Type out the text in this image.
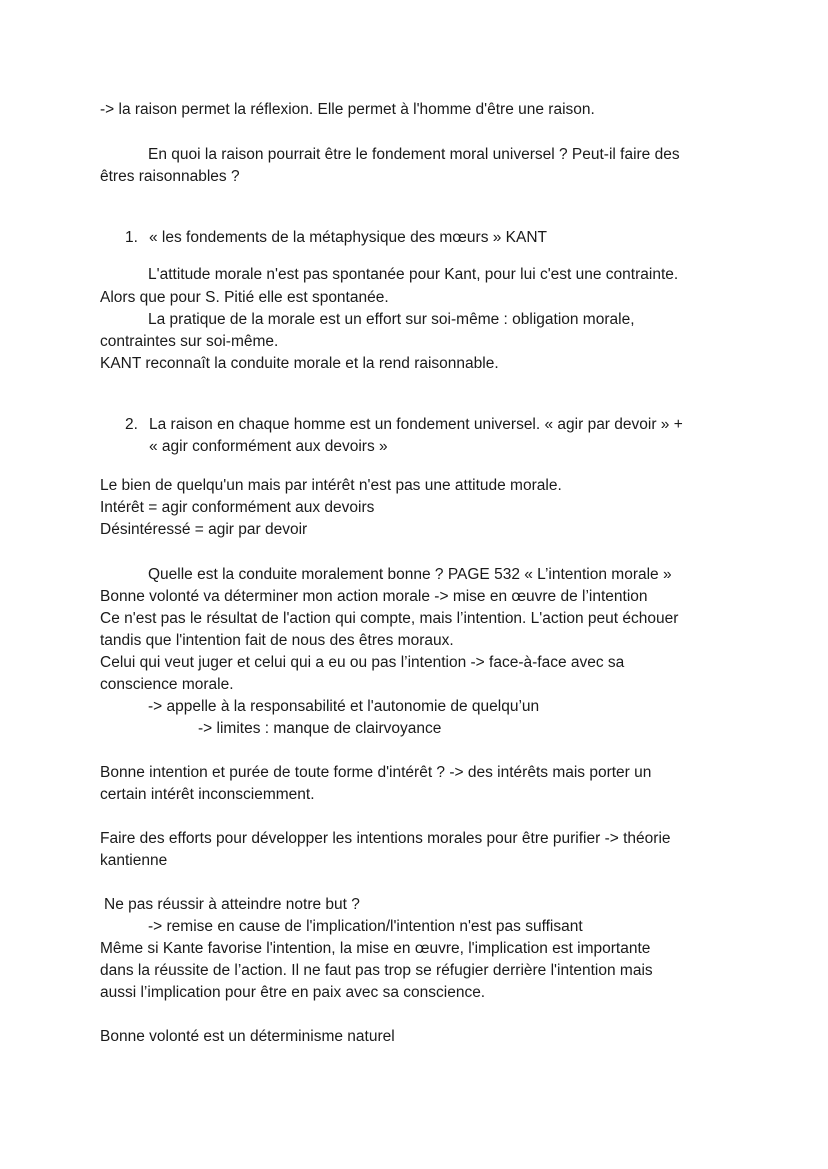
-> la raison permet la réflexion. Elle permet à l'homme d'être une raison.
En quoi la raison pourrait être le fondement moral universel ? Peut-il faire des
êtres raisonnables ?
1. « les fondements de la métaphysique des mœurs » KANT
L'attitude morale n'est pas spontanée pour Kant, pour lui c'est une contrainte.
Alors que pour S. Pitié elle est spontanée.
La pratique de la morale est un effort sur soi-même : obligation morale,
contraintes sur soi-même.
KANT reconnaît la conduite morale et la rend raisonnable.
2. La raison en chaque homme est un fondement universel. « agir par devoir » +
« agir conformément aux devoirs »
Le bien de quelqu'un mais par intérêt n'est pas une attitude morale.
Intérêt = agir conformément aux devoirs
Désintéressé = agir par devoir
Quelle est la conduite moralement bonne ? PAGE 532 « L’intention morale »
Bonne volonté va déterminer mon action morale -> mise en œuvre de l’intention
Ce n'est pas le résultat de l'action qui compte, mais l’intention. L'action peut échouer
tandis que l'intention fait de nous des êtres moraux.
Celui qui veut juger et celui qui a eu ou pas l’intention -> face-à-face avec sa
conscience morale.
-> appelle à la responsabilité et l'autonomie de quelqu’un
-> limites : manque de clairvoyance
Bonne intention et purée de toute forme d'intérêt ? -> des intérêts mais porter un
certain intérêt inconsciemment.
Faire des efforts pour développer les intentions morales pour être purifier -> théorie
kantienne
Ne pas réussir à atteindre notre but ?
-> remise en cause de l'implication/l'intention n'est pas suffisant
Même si Kante favorise l'intention, la mise en œuvre, l'implication est importante
dans la réussite de l’action. Il ne faut pas trop se réfugier derrière l'intention mais
aussi l’implication pour être en paix avec sa conscience.
Bonne volonté est un déterminisme naturel
